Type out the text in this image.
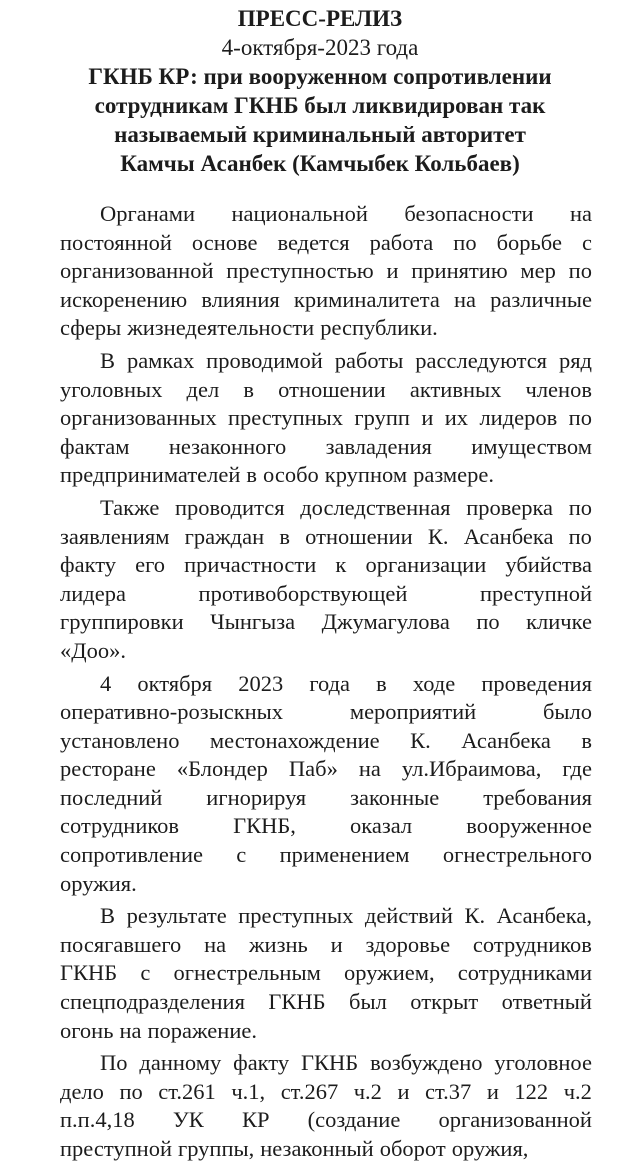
ПРЕСС-РЕЛИЗ
4-октября-2023 года
ГКНБ КР: при вооруженном сопротивлении
сотрудникам ГКНБ был ликвидирован так
называемый криминальный авторитет
Камчы Асанбек (Камчыбек Кольбаев)
Органами национальной безопасности на
постоянной основе ведется работа по борьбе с
организованной преступностью и принятию мер по
искоренению влияния криминалитета на различные
сферы жизнедеятельности республики.
В рамках проводимой работы расследуются ряд
уголовных дел в отношении активных членов
организованных преступных групп и их лидеров по
фактам незаконного завладения имуществом
предпринимателей в особо крупном размере.
Также проводится доследственная проверка по
заявлениям граждан в отношении К. Асанбека по
факту его причастности к организации убийства
лидера	противоборствующей	преступной
группировки Чынгыза Джумагулова по кличке
«Доо».
4 октября 2023 года в ходе проведения
оперативно-розыскных	мероприятий	было
установлено местонахождение К. Асанбека в
ресторане «Блондер Паб» на ул.Ибраимова, где
последний игнорируя законные требования
сотрудников ГКНБ, оказал вооруженное
сопротивление с применением огнестрельного
оружия.
В результате преступных действий К. Асанбека,
посягавшего на жизнь и здоровье сотрудников
ГКНБ с огнестрельным оружием, сотрудниками
спецподразделения ГКНБ был открыт ответный
огонь на поражение.
По данному факту ГКНБ возбуждено уголовное
дело по ст.261 ч.1, ст.267 ч.2 и ст.37 и 122 ч.2
п.п.4,18 УК КР (создание организованной
преступной группы, незаконный оборот оружия,
